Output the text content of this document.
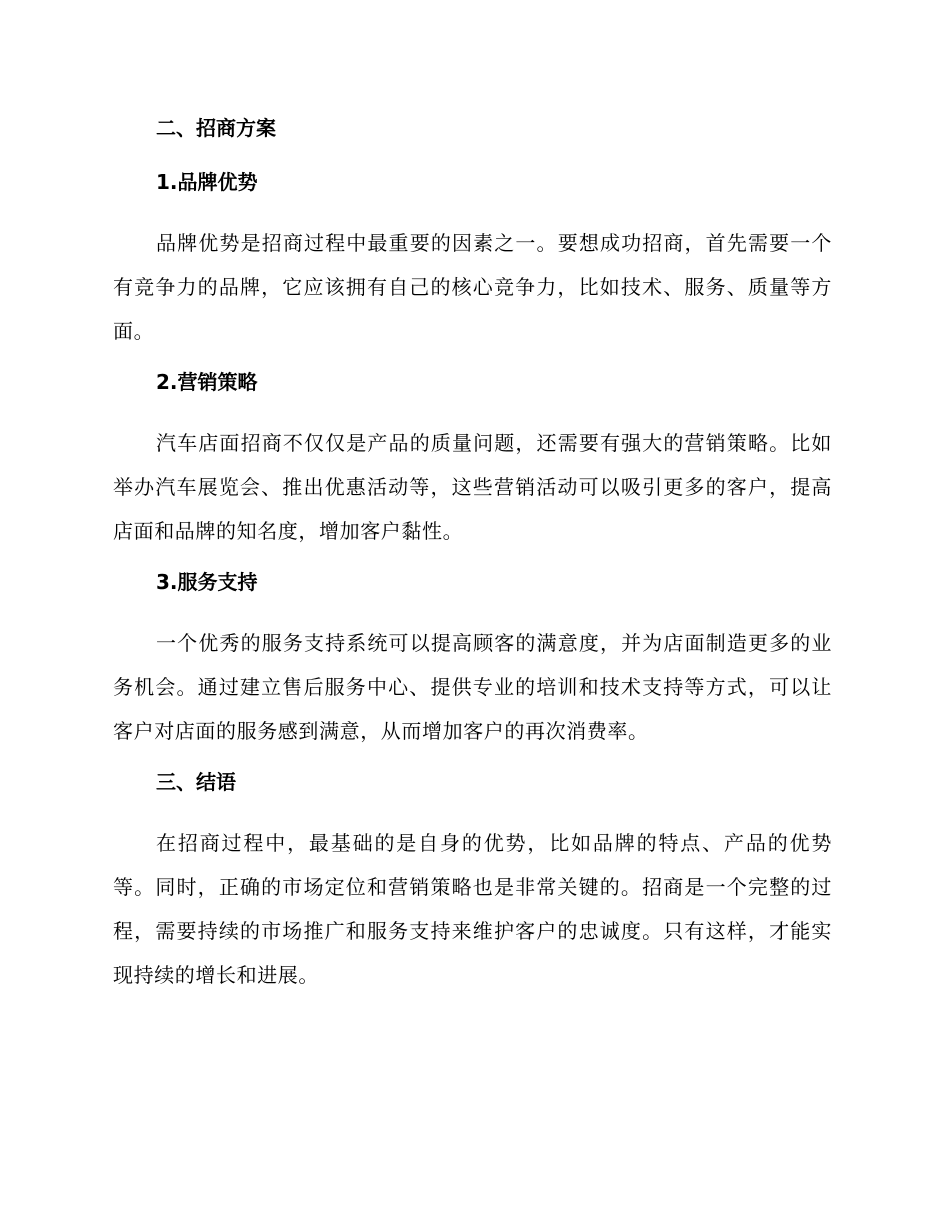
二、招商方案
1.品牌优势

品牌优势是招商过程中最重要的因素之一。要想成功招商，首先需要一个有竞争力的品牌，它应该拥有自己的核心竞争力，比如技术、服务、质量等方面。

2.营销策略

汽车店面招商不仅仅是产品的质量问题，还需要有强大的营销策略。比如举办汽车展览会、推出优惠活动等，这些营销活动可以吸引更多的客户，提高店面和品牌的知名度，增加客户黏性。

3.服务支持

一个优秀的服务支持系统可以提高顾客的满意度，并为店面制造更多的业务机会。通过建立售后服务中心、提供专业的培训和技术支持等方式，可以让客户对店面的服务感到满意，从而增加客户的再次消费率。

三、结语

在招商过程中，最基础的是自身的优势，比如品牌的特点、产品的优势等。同时，正确的市场定位和营销策略也是非常关键的。招商是一个完整的过程，需要持续的市场推广和服务支持来维护客户的忠诚度。只有这样，才能实现持续的增长和进展。
